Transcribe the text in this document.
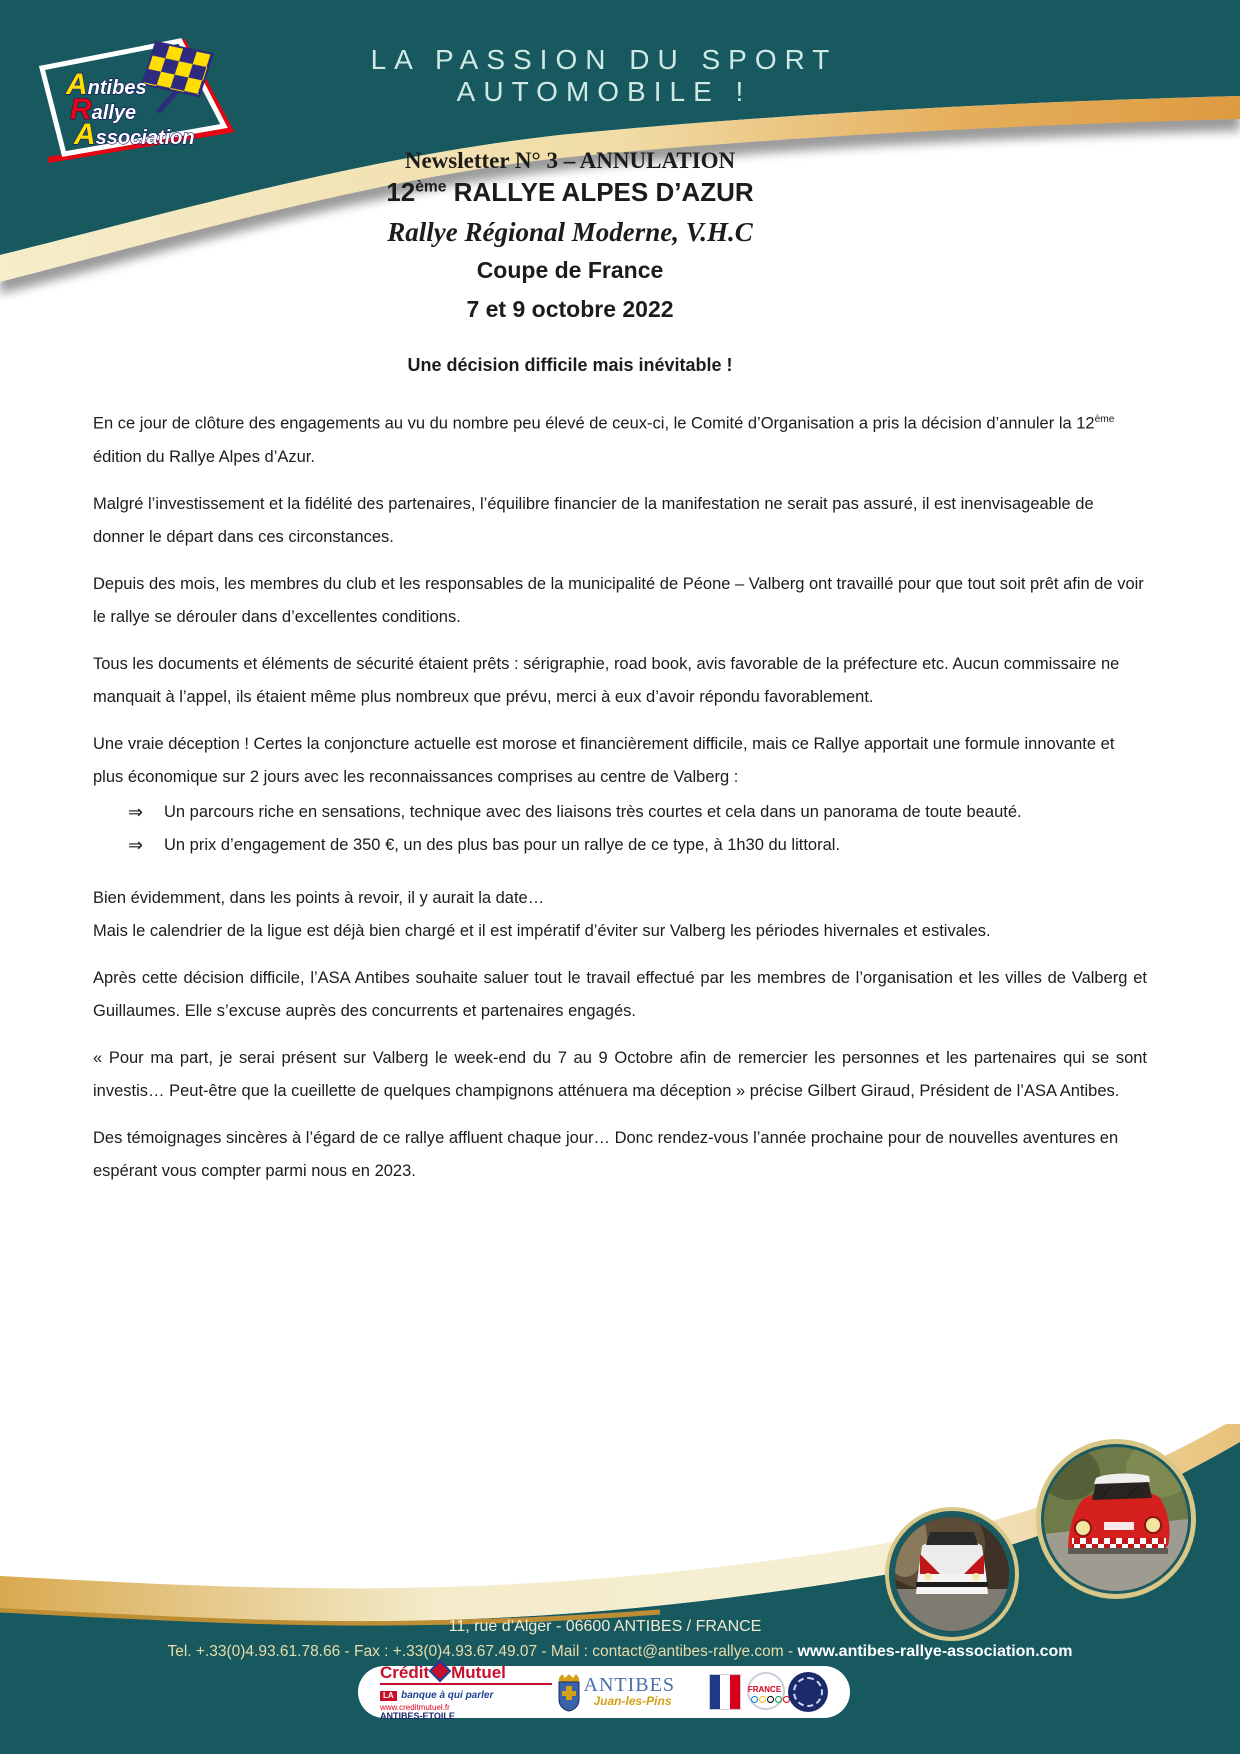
Antibes
Rallye
Association
LA PASSION DU SPORT AUTOMOBILE !
Newsletter N° 3 – ANNULATION
12ème RALLYE ALPES D’AZUR
Rallye Régional Moderne, V.H.C
Coupe de France
7 et 9 octobre 2022
Une décision difficile mais inévitable !

En ce jour de clôture des engagements au vu du nombre peu élevé de ceux-ci, le Comité d’Organisation a pris la décision d’annuler la 12ème édition du Rallye Alpes d’Azur.

Malgré l’investissement et la fidélité des partenaires, l’équilibre financier de la manifestation ne serait pas assuré, il est inenvisageable de donner le départ dans ces circonstances.

Depuis des mois, les membres du club et les responsables de la municipalité de Péone – Valberg ont travaillé pour que tout soit prêt afin de voir le rallye se dérouler dans d’excellentes conditions.

Tous les documents et éléments de sécurité étaient prêts : sérigraphie, road book, avis favorable de la préfecture etc. Aucun commissaire ne manquait à l’appel, ils étaient même plus nombreux que prévu, merci à eux d’avoir répondu favorablement.

Une vraie déception ! Certes la conjoncture actuelle est morose et financièrement difficile, mais ce Rallye apportait une formule innovante et plus économique sur 2 jours avec les reconnaissances comprises au centre de Valberg :

⇒	Un parcours riche en sensations, technique avec des liaisons très courtes et cela dans un panorama de toute beauté.
⇒	Un prix d’engagement de 350 €, un des plus bas pour un rallye de ce type, à 1h30 du littoral.

Bien évidemment, dans les points à revoir, il y aurait la date…

Mais le calendrier de la ligue est déjà bien chargé et il est impératif d’éviter sur Valberg les périodes hivernales et estivales.

Après cette décision difficile, l’ASA Antibes souhaite saluer tout le travail effectué par les membres de l’organisation et les villes de Valberg et Guillaumes. Elle s’excuse auprès des concurrents et partenaires engagés.

« Pour ma part, je serai présent sur Valberg le week-end du 7 au 9 Octobre afin de remercier les personnes et les partenaires qui se sont investis… Peut-être que la cueillette de quelques champignons atténuera ma déception » précise Gilbert Giraud, Président de l’ASA Antibes.

Des témoignages sincères à l’égard de ce rallye affluent chaque jour… Donc rendez-vous l’année prochaine pour de nouvelles aventures en espérant vous compter parmi nous en 2023.

11, rue d’Alger - 06600 ANTIBES / FRANCE
Tel. +.33(0)4.93.61.78.66 - Fax : +.33(0)4.93.67.49.07 - Mail : contact@antibes-rallye.com - www.antibes-rallye-association.com
Crédit Mutuel
LA banque à qui parler
www.creditmutuel.fr
ANTIBES-ETOILE
ANTIBES
Juan-les-Pins
FRANCE
